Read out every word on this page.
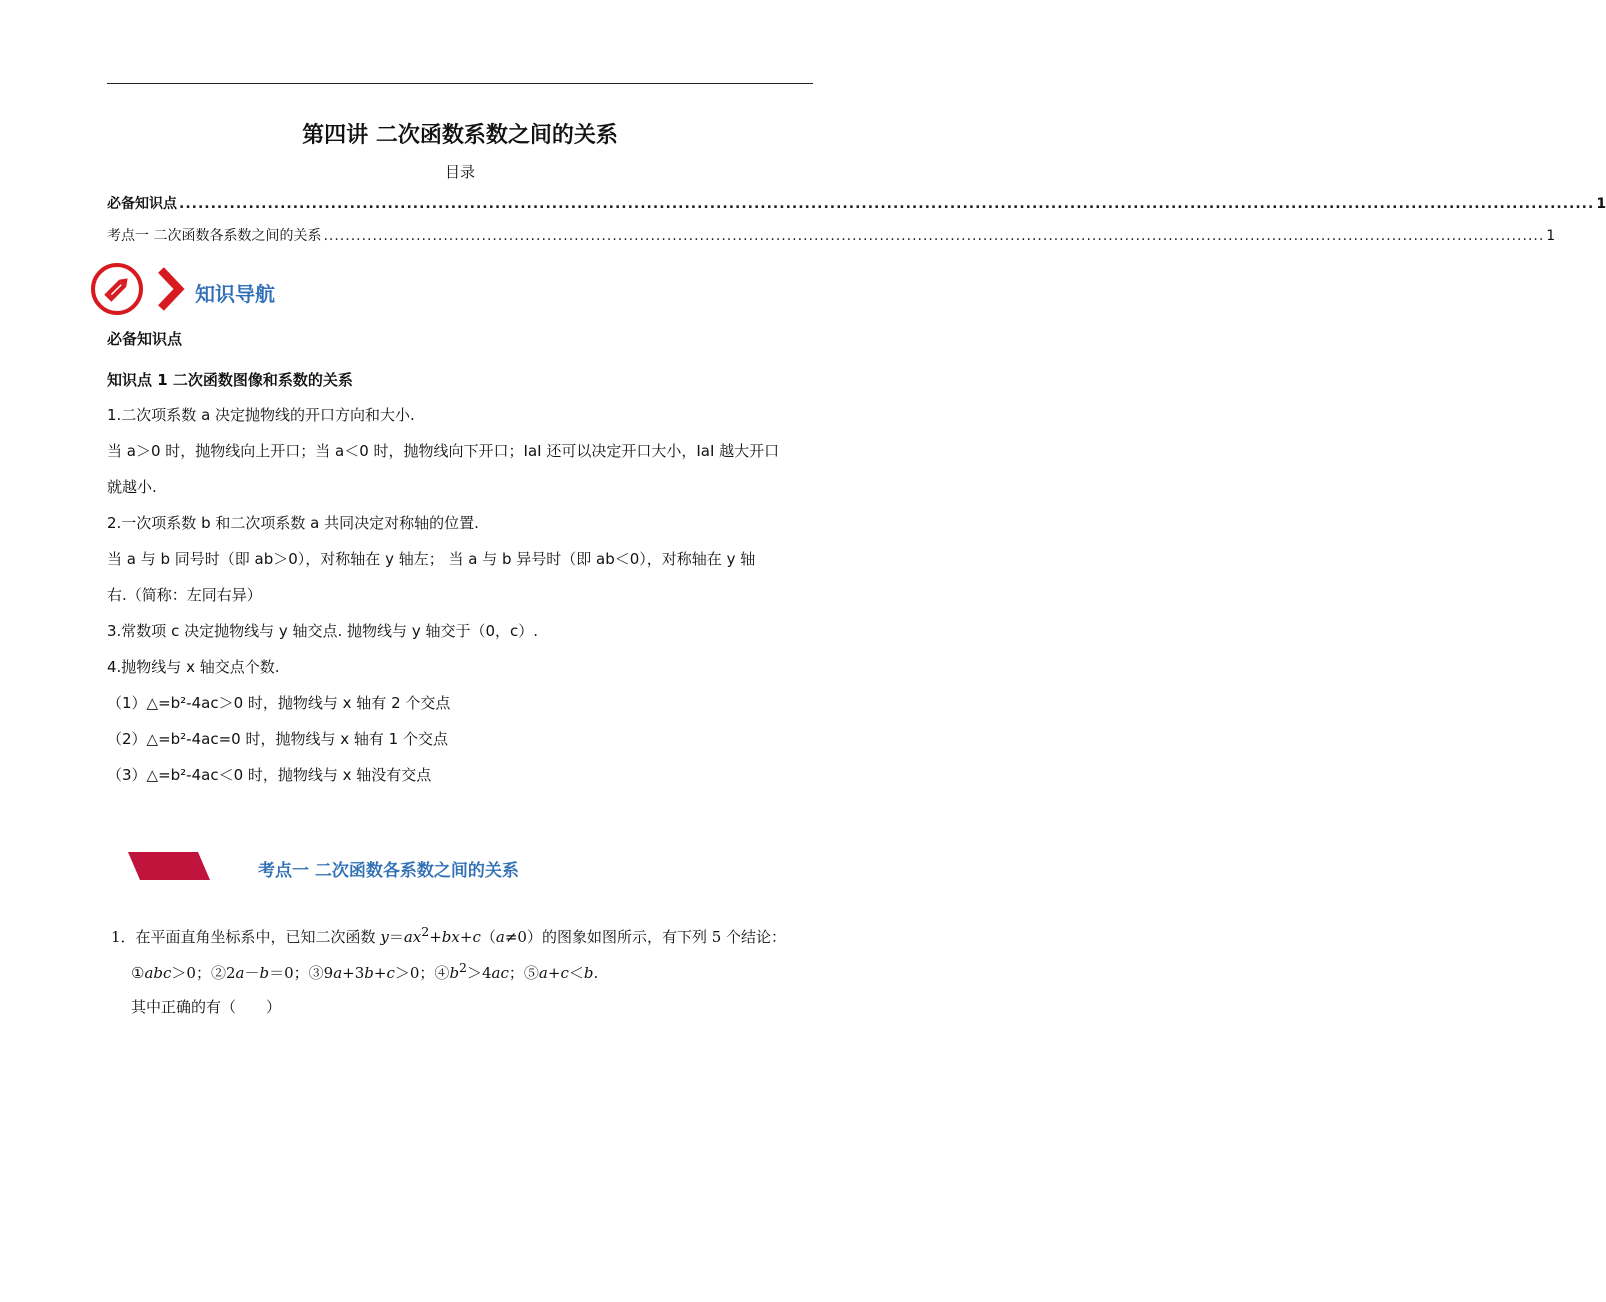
第四讲 二次函数系数之间的关系
目录
必备知识点 ................................................................................................................................................................................................................................ 1
考点一 二次函数各系数之间的关系 ................................................................................................................................................................................................................................ 1
知识导航
必备知识点
知识点 1 二次函数图像和系数的关系
1.二次项系数 a 决定抛物线的开口方向和大小.
当 a＞0 时，抛物线向上开口；当 a＜0 时，抛物线向下开口；IaI 还可以决定开口大小，IaI 越大开口
就越小.
2.一次项系数 b 和二次项系数 a 共同决定对称轴的位置.
当 a 与 b 同号时（即 ab＞0），对称轴在 y 轴左； 当 a 与 b 异号时（即 ab＜0），对称轴在 y 轴
右.（简称：左同右异）
3.常数项 c 决定抛物线与 y 轴交点. 抛物线与 y 轴交于（0，c）.
4.抛物线与 x 轴交点个数.
（1）△=b²-4ac＞0 时，抛物线与 x 轴有 2 个交点
（2）△=b²-4ac=0 时，抛物线与 x 轴有 1 个交点
（3）△=b²-4ac＜0 时，抛物线与 x 轴没有交点
考点一 二次函数各系数之间的关系
1．在平面直角坐标系中，已知二次函数 $y=ax^2+bx+c(a\ne 0)$的图象如图所示，有下列 5 个结论：
①abc＞0；②2a－b＝0；③9a+3b+c＞0；$④b^2>4ac$；⑤a+c＜b.
其中正确的有（　　）
